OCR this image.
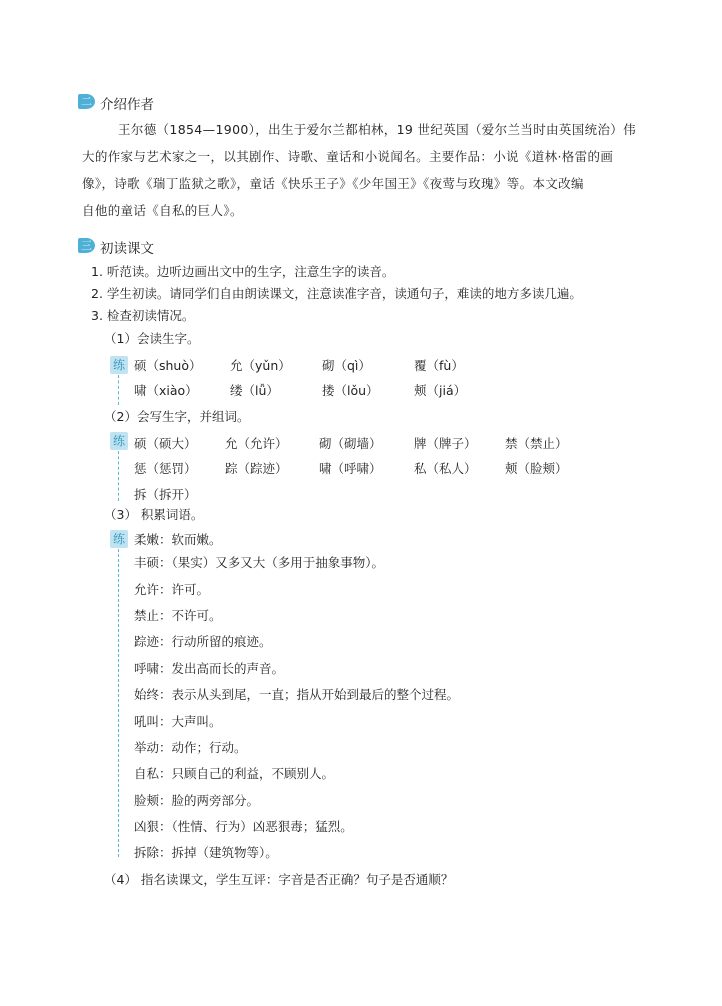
二 介绍作者
王尔德（1854—1900），出生于爱尔兰都柏林，19 世纪英国（爱尔兰当时由英国统治）伟
大的作家与艺术家之一，以其剧作、诗歌、童话和小说闻名。主要作品：小说《道林·格雷的画
像》，诗歌《瑞丁监狱之歌》，童话《快乐王子》《少年国王》《夜莺与玫瑰》等。本文改编
自他的童话《自私的巨人》。
三 初读课文
1. 听范读。边听边画出文中的生字，注意生字的读音。
2. 学生初读。请同学们自由朗读课文，注意读准字音，读通句子，难读的地方多读几遍。
3. 检查初读情况。
（1）会读生字。
练 硕（shuò） 允（yǔn）	砌（qì）	覆（fù）
啸（xiào）	缕（lǚ）	搂（lǒu）	颊（jiá）
（2）会写生字，并组词。
练 硕（硕大） 允（允许）	砌（砌墙）	牌（牌子） 禁（禁止）
惩（惩罚） 踪（踪迹）	啸（呼啸）	私（私人） 颊（脸颊）
拆（拆开）
（3） 积累词语。
练 柔嫩：软而嫩。
丰硕：（果实）又多又大（多用于抽象事物）。
允许：许可。
禁止：不许可。
踪迹：行动所留的痕迹。
呼啸：发出高而长的声音。
始终：表示从头到尾，一直；指从开始到最后的整个过程。
吼叫：大声叫。
举动：动作；行动。
自私：只顾自己的利益，不顾别人。
脸颊：脸的两旁部分。
凶狠：（性情、行为）凶恶狠毒；猛烈。
拆除：拆掉（建筑物等）。
（4） 指名读课文，学生互评：字音是否正确？句子是否通顺？
